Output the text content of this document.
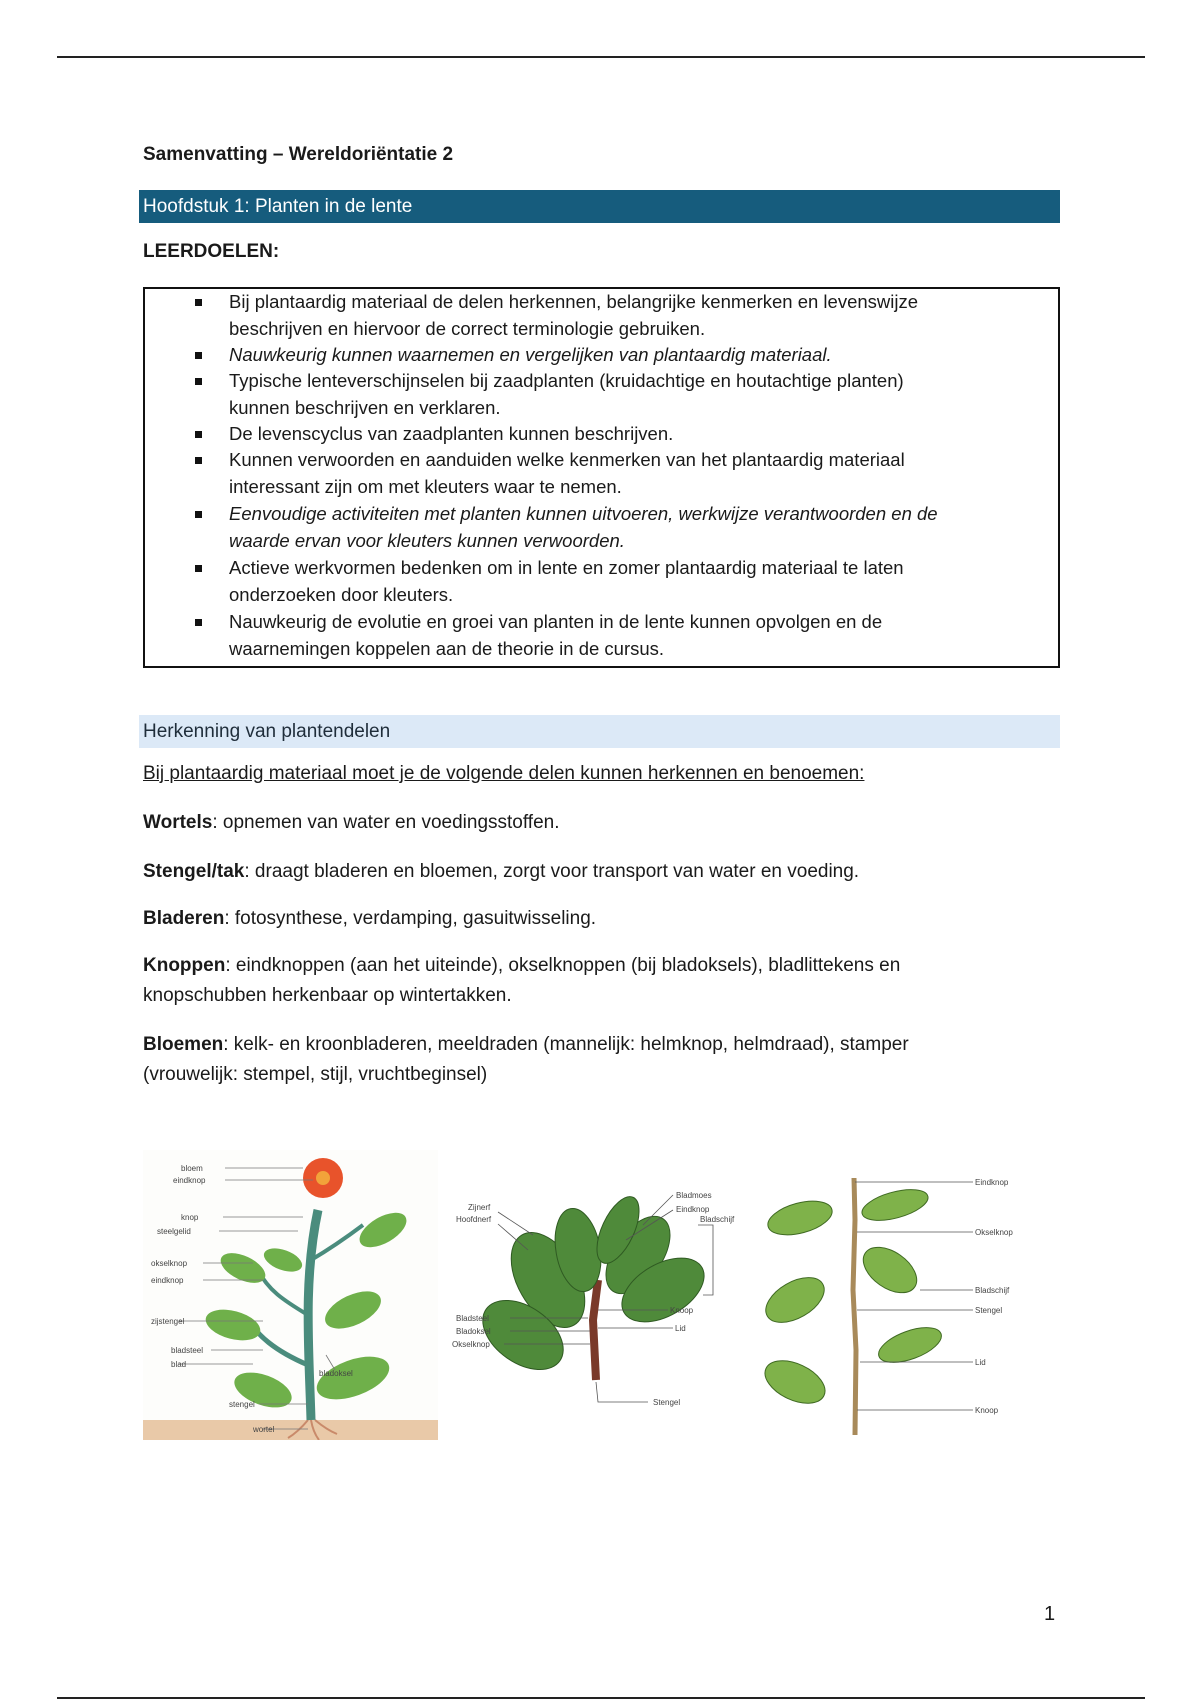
Samenvatting – Wereldoriëntatie 2
Hoofdstuk 1: Planten in de lente
LEERDOELEN:
Bij plantaardig materiaal de delen herkennen, belangrijke kenmerken en levenswijze
beschrijven en hiervoor de correct terminologie gebruiken.
Nauwkeurig kunnen waarnemen en vergelijken van plantaardig materiaal.
Typische lenteverschijnselen bij zaadplanten (kruidachtige en houtachtige planten)
kunnen beschrijven en verklaren.
De levenscyclus van zaadplanten kunnen beschrijven.
Kunnen verwoorden en aanduiden welke kenmerken van het plantaardig materiaal
interessant zijn om met kleuters waar te nemen.
Eenvoudige activiteiten met planten kunnen uitvoeren, werkwijze verantwoorden en de
waarde ervan voor kleuters kunnen verwoorden.
Actieve werkvormen bedenken om in lente en zomer plantaardig materiaal te laten
onderzoeken door kleuters.
Nauwkeurig de evolutie en groei van planten in de lente kunnen opvolgen en de
waarnemingen koppelen aan de theorie in de cursus.
Herkenning van plantendelen
Bij plantaardig materiaal moet je de volgende delen kunnen herkennen en benoemen:
Wortels: opnemen van water en voedingsstoffen.
Stengel/tak: draagt bladeren en bloemen, zorgt voor transport van water en voeding.
Bladeren: fotosynthese, verdamping, gasuitwisseling.
Knoppen: eindknoppen (aan het uiteinde), okselknoppen (bij bladoksels), bladlittekens en
knopschubben herkenbaar op wintertakken.
Bloemen: kelk- en kroonbladeren, meeldraden (mannelijk: helmknop, helmdraad), stamper
(vrouwelijk: stempel, stijl, vruchtbeginsel)
bloem
eindknop
knop
steelgelid
okselknop
eindknop
zijstengel
bladsteel
blad
bladoksel
stengel
wortel
Zijnerf
Hoofdnerf
Bladmoes
Eindknop
Bladschijf
Bladsteel
Bladoksel
Okselknop
Knoop
Lid
Stengel
Eindknop
Okselknop
Bladschijf
Stengel
Lid
Knoop
1
